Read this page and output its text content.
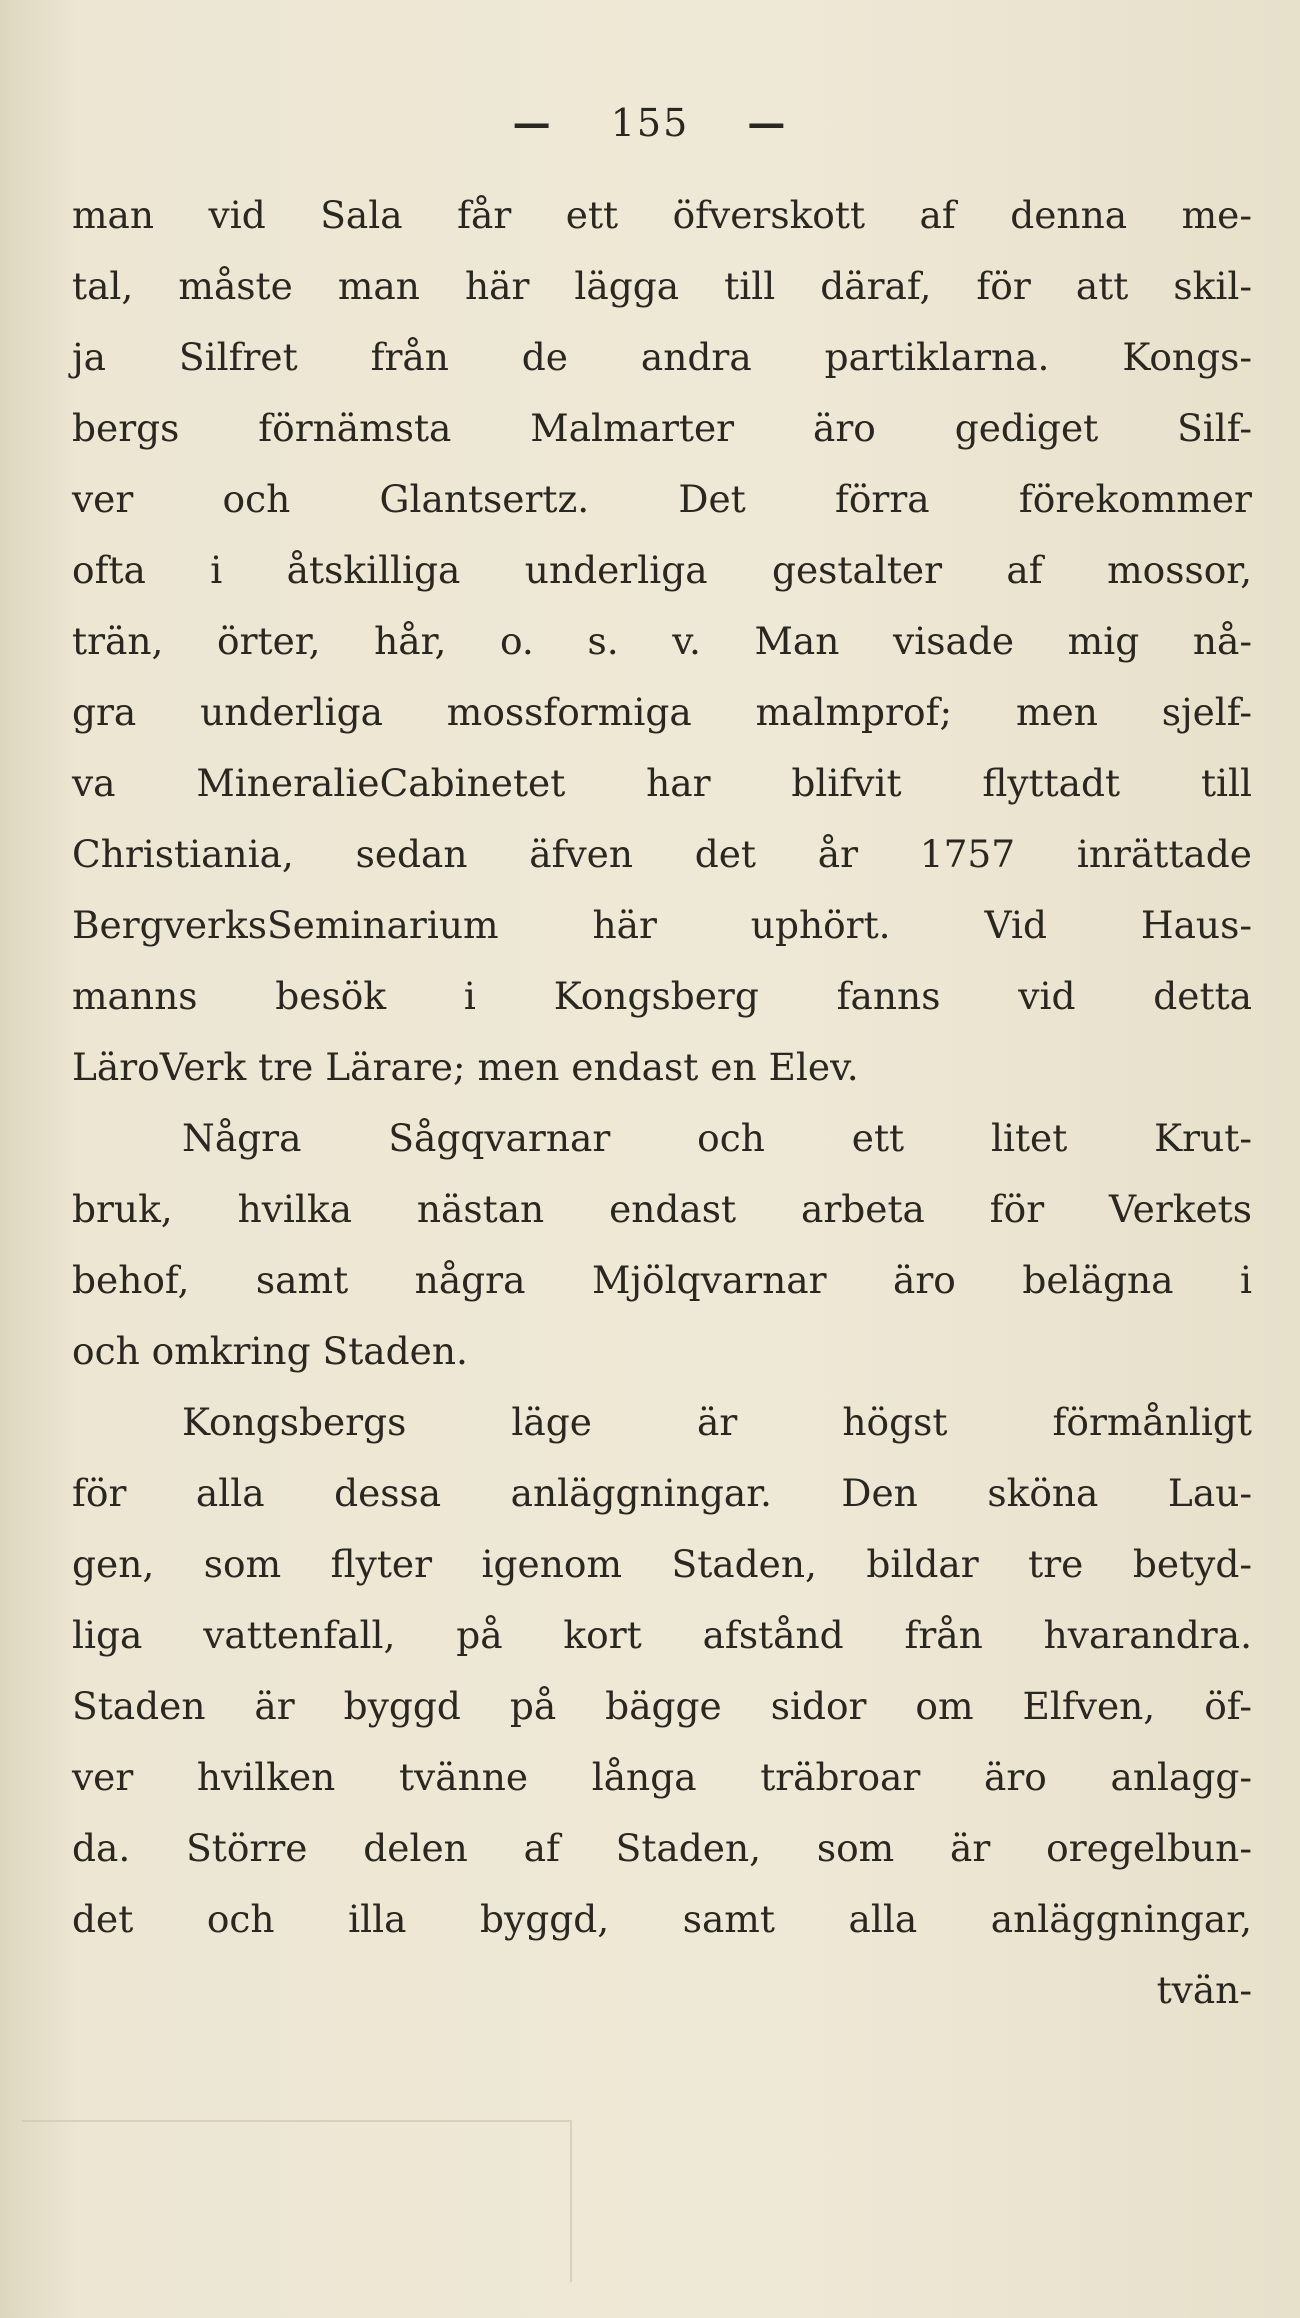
— 155 —
man vid Sala får ett öfverskott af denna me-
tal, måste man här lägga till däraf, för att skil-
ja Silfret från de andra partiklarna. Kongs-
bergs förnämsta Malmarter äro gediget Silf-
ver och Glantsertz. Det förra förekommer
ofta i åtskilliga underliga gestalter af mossor,
trän, örter, hår, o. s. v. Man visade mig nå-
gra underliga mossformiga malmprof; men sjelf-
va MineralieCabinetet har blifvit flyttadt till
Christiania, sedan äfven det år 1757 inrättade
BergverksSeminarium här uphört. Vid Haus-
manns besök i Kongsberg fanns vid detta
LäroVerk tre Lärare; men endast en Elev.
Några Sågqvarnar och ett litet Krut-
bruk, hvilka nästan endast arbeta för Verkets
behof, samt några Mjölqvarnar äro belägna i
och omkring Staden.
Kongsbergs läge är högst förmånligt
för alla dessa anläggningar. Den sköna Lau-
gen, som flyter igenom Staden, bildar tre betyd-
liga vattenfall, på kort afstånd från hvarandra.
Staden är byggd på bägge sidor om Elfven, öf-
ver hvilken tvänne långa träbroar äro anlagg-
da. Större delen af Staden, som är oregelbun-
det och illa byggd, samt alla anläggningar,
tvän-
